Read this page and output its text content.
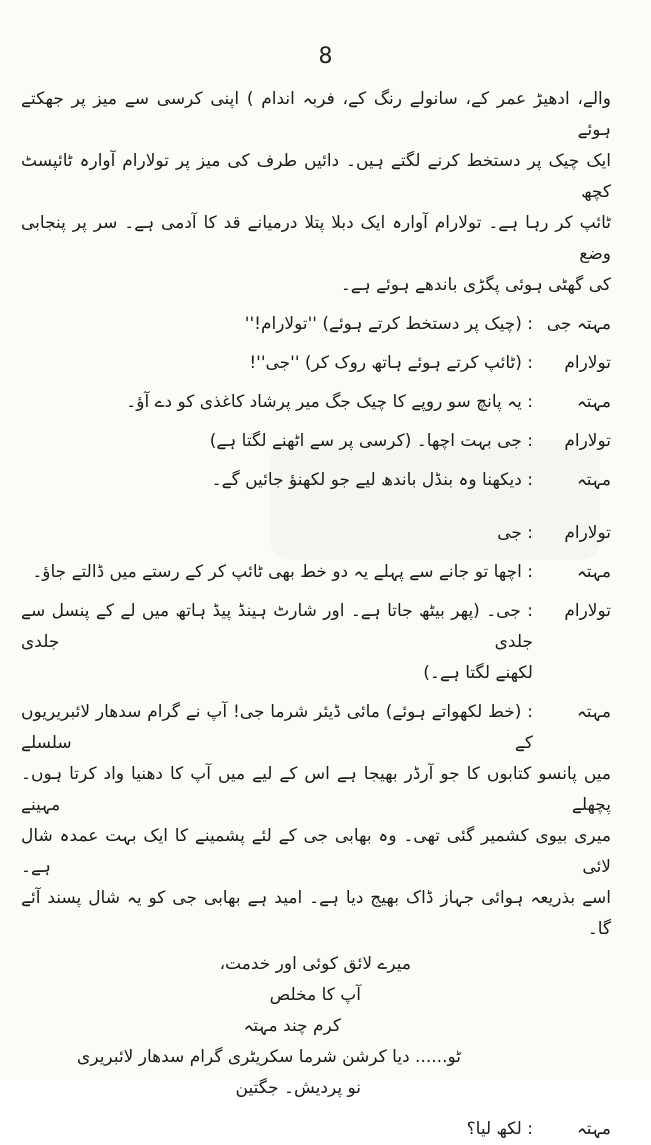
8
والے، ادھیڑ عمر کے، سانولے رنگ کے، فربہ اندام ) اپنی کرسی سے میز پر جھکتے ہوئے
ایک چیک پر دستخط کرنے لگتے ہیں۔ دائیں طرف کی میز پر تولارام آوارہ ٹائپسٹ کچھ
ٹائپ کر رہا ہے۔ تولارام آوارہ ایک دبلا پتلا درمیانے قد کا آدمی ہے۔ سر پر پنجابی وضع
کی گھٹی ہوئی پگڑی باندھے ہوئے ہے۔
مہتہ جی
: (چیک پر دستخط کرتے ہوئے) ''تولارام!''
تولارام
: (ٹائپ کرتے ہوئے ہاتھ روک کر) ''جی''!
مہتہ
: یہ پانچ سو روپے کا چیک جگ میر پرشاد کاغذی کو دے آؤ۔
تولارام
: جی بہت اچھا۔ (کرسی پر سے اٹھنے لگتا ہے)
مہتہ
: دیکھنا وہ بنڈل باندھ لیے جو لکھنؤ جائیں گے۔
تولارام
: جی
مہتہ
: اچھا تو جانے سے پہلے یہ دو خط بھی ٹائپ کر کے رستے میں ڈالتے جاؤ۔
تولارام
: جی۔ (پھر بیٹھ جاتا ہے۔ اور شارٹ ہینڈ پیڈ ہاتھ میں لے کے پنسل سے جلدی جلدی
لکھنے لگتا ہے۔)
مہتہ
: (خط لکھواتے ہوئے) مائی ڈیئر شرما جی! آپ نے گرام سدھار لائبریریوں کے سلسلے
میں پانسو کتابوں کا جو آرڈر بھیجا ہے اس کے لیے میں آپ کا دھنیا واد کرتا ہوں۔ پچھلے مہینے
میری بیوی کشمیر گئی تھی۔ وہ بھابی جی کے لئے پشمینے کا ایک بہت عمدہ شال لائی ہے۔
اسے بذریعہ ہوائی جہاز ڈاک بھیج دیا ہے۔ امید ہے بھابی جی کو یہ شال پسند آئے گا۔
میرے لائق کوئی اور خدمت،
آپ کا مخلص
کرم چند مہتہ
ٹو...... دیا کرشن شرما سکریٹری گرام سدھار لائبریری
نو پردیش۔ جگتین
مہتہ
: لکھ لیا؟
